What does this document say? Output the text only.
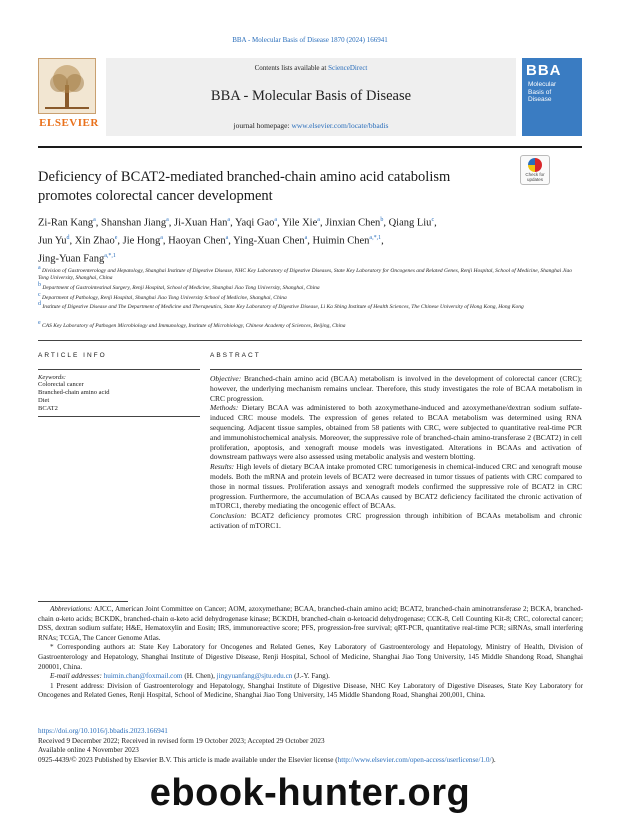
BBA - Molecular Basis of Disease 1870 (2024) 166941
ELSEVIER
Contents lists available at ScienceDirect
BBA - Molecular Basis of Disease
journal homepage: www.elsevier.com/locate/bbadis
BBA
Molecular
Basis of
Disease
Deficiency of BCAT2-mediated branched-chain amino acid catabolism promotes colorectal cancer development
Check for
updates
Zi-Ran Kang$^a$, Shanshan Jiang$^a$, Ji-Xuan Han$^a$, Yaqi Gao$^a$, Yile Xie$^a$, Jinxian Chen$^b$, Qiang Liu$^c$,
Jun Yu$^d$, Xin Zhao$^e$, Jie Hong$^a$, Haoyan Chen$^a$, Ying-Xuan Chen$^a$, Huimin Chen$^{a,*,1}$,
Jing-Yuan Fang$^{a,*,1}$
$^a$ Division of Gastroenterology and Hepatology, Shanghai Institute of Digestive Disease, NHC Key Laboratory of Digestive Diseases, State Key Laboratory for Oncogenes and Related Genes, Renji Hospital, School of Medicine, Shanghai Jiao Tong University, Shanghai, China
$^b$ Department of Gastrointestinal Surgery, Renji Hospital, School of Medicine, Shanghai Jiao Tong University, Shanghai, China
$^c$ Department of Pathology, Renji Hospital, Shanghai Jiao Tong University School of Medicine, Shanghai, China
$^d$ Institute of Digestive Disease and The Department of Medicine and Therapeutics, State Key Laboratory of Digestive Disease, Li Ka Shing Institute of Health Sciences, The Chinese University of Hong Kong, Hong Kong
$^e$ CAS Key Laboratory of Pathogen Microbiology and Immunology, Institute of Microbiology, Chinese Academy of Sciences, Beijing, China
ARTICLE INFO	ABSTRACT
Keywords:
Colorectal cancer
Branched-chain amino acid
Diet
BCAT2

Objective: Branched-chain amino acid (BCAA) metabolism is involved in the development of colorectal cancer (CRC); however, the underlying mechanism remains unclear. Therefore, this study investigates the role of BCAA metabolism in CRC progression.

Methods: Dietary BCAA was administered to both azoxymethane-induced and azoxymethane/dextran sodium sulfate-induced CRC mouse models. The expression of genes related to BCAA metabolism was determined using RNA sequencing. Adjacent tissue samples, obtained from 58 patients with CRC, were subjected to quantitative real-time PCR and immunohistochemical analysis. Moreover, the suppressive role of branched-chain amino-transferase 2 (BCAT2) in cell proliferation, apoptosis, and xenograft mouse models was investigated. Alterations in BCAAs and activation of downstream pathways were also assessed using metabolic analysis and western blotting.

Results: High levels of dietary BCAA intake promoted CRC tumorigenesis in chemical-induced CRC and xenograft mouse models. Both the mRNA and protein levels of BCAT2 were decreased in tumor tissues of patients with CRC compared to those in normal tissues. Proliferation assays and xenograft models confirmed the suppressive role of BCAT2 in CRC progression. Furthermore, the accumulation of BCAAs caused by BCAT2 deficiency facilitated the chronic activation of mTORC1, thereby mediating the oncogenic effect of BCAAs.

Conclusion: BCAT2 deficiency promotes CRC progression through inhibition of BCAAs metabolism and chronic activation of mTORC1.

Abbreviations: AJCC, American Joint Committee on Cancer; AOM, azoxymethane; BCAA, branched-chain amino acid; BCAT2, branched-chain aminotransferase 2; BCKA, branched-chain α-keto acids; BCKDK, branched-chain α-keto acid dehydrogenase kinase; BCKDH, branched-chain α-ketoacid dehydrogenase; CCK-8, Cell Counting Kit-8; CRC, colorectal cancer; DSS, dextran sodium sulfate; H&E, Hematoxylin and Eosin; IRS, immunoreactive score; PFS, progression-free survival; qRT-PCR, quantitative real-time PCR; siRNAs, small interfering RNAs; TCGA, The Cancer Genome Atlas.
* Corresponding authors at: State Key Laboratory for Oncogenes and Related Genes, Key Laboratory of Gastroenterology and Hepatology, Ministry of Health, Division of Gastroenterology and Hepatology, Shanghai Institute of Digestive Disease, Renji Hospital, School of Medicine, Shanghai Jiao Tong University, 145 Middle Shandong Road, Shanghai 200001, China.
E-mail addresses: huimin.chan@foxmail.com (H. Chen), jingyuanfang@sjtu.edu.cn (J.-Y. Fang).
1 Present address: Division of Gastroenterology and Hepatology, Shanghai Institute of Digestive Disease, NHC Key Laboratory of Digestive Diseases, State Key Laboratory for Oncogenes and Related Genes, Renji Hospital, School of Medicine, Shanghai Jiao Tong University, 145 Middle Shandong Road, Shanghai 200,001, China.
https://doi.org/10.1016/j.bbadis.2023.166941
Received 9 December 2022; Received in revised form 19 October 2023; Accepted 29 October 2023
Available online 4 November 2023
0925-4439/© 2023 Published by Elsevier B.V. This article is made available under the Elsevier license (http://www.elsevier.com/open-access/userlicense/1.0/).
ebook-hunter.org
